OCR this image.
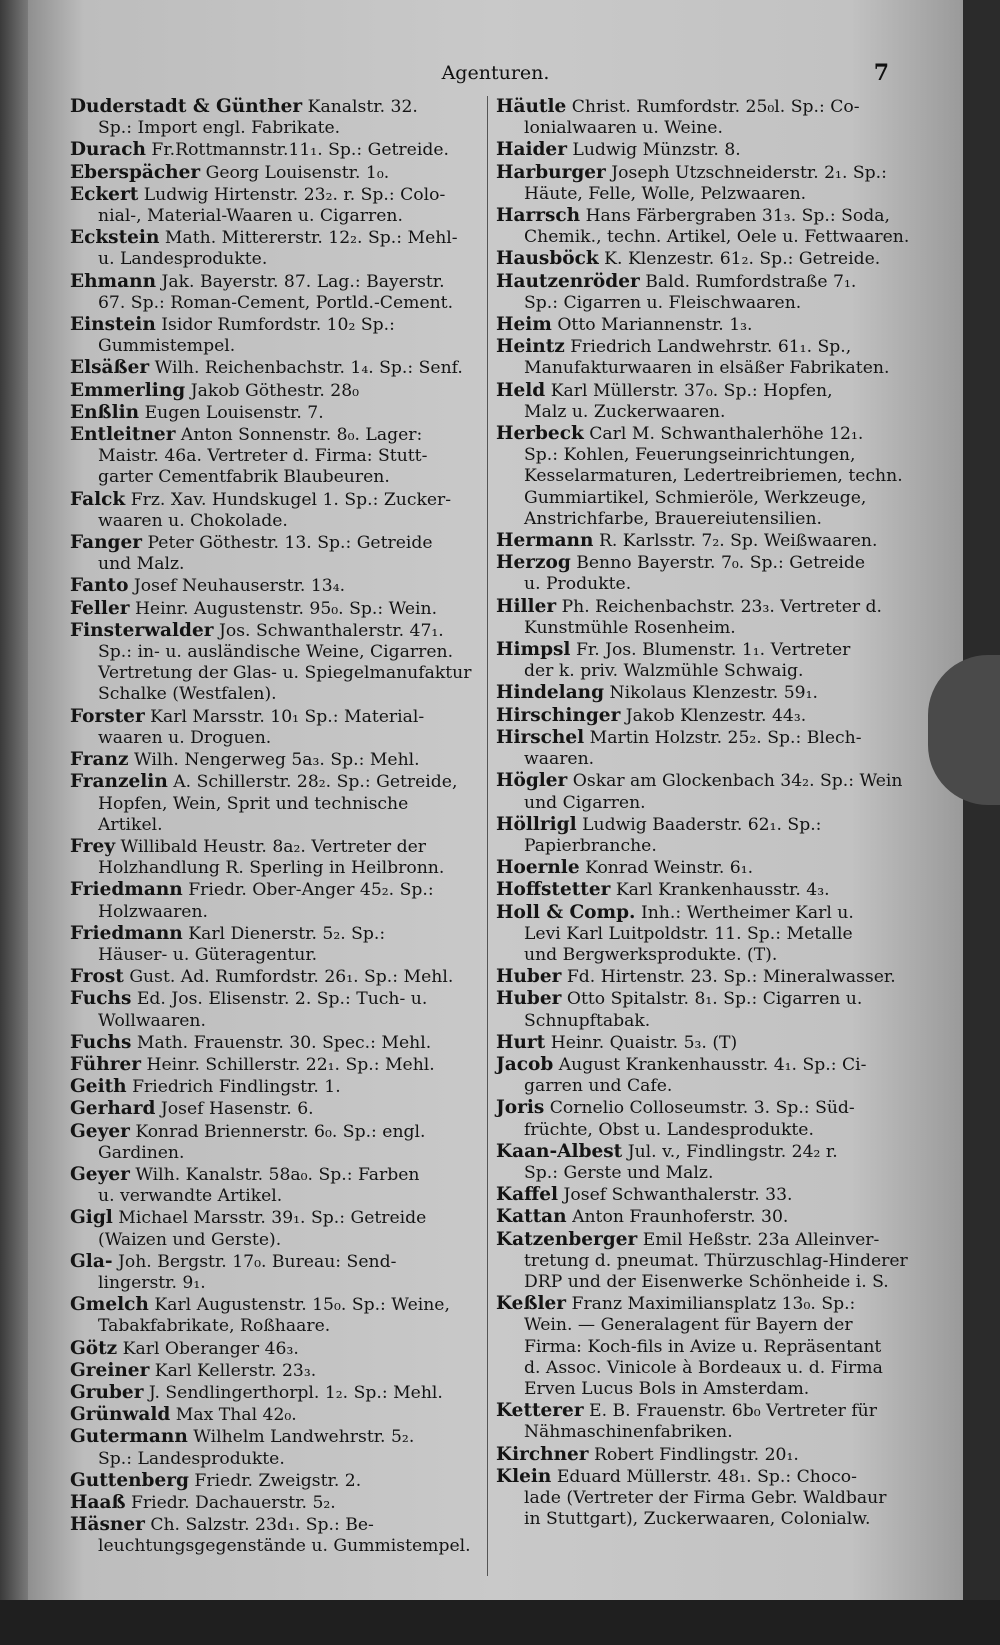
Agenturen.	7
Duderstadt & Günther Kanalstr. 32.
Sp.: Import engl. Fabrikate.
Durach Fr.Rottmannstr.11₁. Sp.: Getreide.
Eberspächer Georg Louisenstr. 1₀.
Eckert Ludwig Hirtenstr. 23₂. r. Sp.: Colo-
nial-, Material-Waaren u. Cigarren.
Eckstein Math. Mittererstr. 12₂. Sp.: Mehl-
u. Landesprodukte.
Ehmann Jak. Bayerstr. 87. Lag.: Bayerstr.
67. Sp.: Roman-Cement, Portld.-Cement.
Einstein Isidor Rumfordstr. 10₂ Sp.:
Gummistempel.
Elsäßer Wilh. Reichenbachstr. 1₄. Sp.: Senf.
Emmerling Jakob Göthestr. 28₀
Enßlin Eugen Louisenstr. 7.
Entleitner Anton Sonnenstr. 8₀. Lager:
Maistr. 46a. Vertreter d. Firma: Stutt-
garter Cementfabrik Blaubeuren.
Falck Frz. Xav. Hundskugel 1. Sp.: Zucker-
waaren u. Chokolade.
Fanger Peter Göthestr. 13. Sp.: Getreide
und Malz.
Fanto Josef Neuhauserstr. 13₄.
Feller Heinr. Augustenstr. 95₀. Sp.: Wein.
Finsterwalder Jos. Schwanthalerstr. 47₁.
Sp.: in- u. ausländische Weine, Cigarren.
Vertretung der Glas- u. Spiegelmanufaktur
Schalke (Westfalen).
Forster Karl Marsstr. 10₁ Sp.: Material-
waaren u. Droguen.
Franz Wilh. Nengerweg 5a₃. Sp.: Mehl.
Franzelin A. Schillerstr. 28₂. Sp.: Getreide,
Hopfen, Wein, Sprit und technische Artikel.
Frey Willibald Heustr. 8a₂. Vertreter der
Holzhandlung R. Sperling in Heilbronn.
Friedmann Friedr. Ober-Anger 45₂. Sp.:
Holzwaaren.
Friedmann Karl Dienerstr. 5₂. Sp.:
Häuser- u. Güteragentur.
Frost Gust. Ad. Rumfordstr. 26₁. Sp.: Mehl.
Fuchs Ed. Jos. Elisenstr. 2. Sp.: Tuch- u.
Wollwaaren.
Fuchs Math. Frauenstr. 30. Spec.: Mehl.
Führer Heinr. Schillerstr. 22₁. Sp.: Mehl.
Geith Friedrich Findlingstr. 1.
Gerhard Josef Hasenstr. 6.
Geyer Konrad Briennerstr. 6₀. Sp.: engl.
Gardinen.
Geyer Wilh. Kanalstr. 58a₀. Sp.: Farben
u. verwandte Artikel.
Gigl Michael Marsstr. 39₁. Sp.: Getreide
(Waizen und Gerste).
Gla- Joh. Bergstr. 17₀. Bureau: Send-
lingerstr. 9₁.
Gmelch Karl Augustenstr. 15₀. Sp.: Weine,
Tabakfabrikate, Roßhaare.
Götz Karl Oberanger 46₃.
Greiner Karl Kellerstr. 23₃.
Gruber J. Sendlingerthorpl. 1₂. Sp.: Mehl.
Grünwald Max Thal 42₀.
Gutermann Wilhelm Landwehrstr. 5₂.
Sp.: Landesprodukte.
Guttenberg Friedr. Zweigstr. 2.
Haaß Friedr. Dachauerstr. 5₂.
Häsner Ch. Salzstr. 23d₁. Sp.: Be-
leuchtungsgegenstände u. Gummistempel.
Häutle Christ. Rumfordstr. 25₀l. Sp.: Co-
lonialwaaren u. Weine.
Haider Ludwig Münzstr. 8.
Harburger Joseph Utzschneiderstr. 2₁. Sp.:
Häute, Felle, Wolle, Pelzwaaren.
Harrsch Hans Färbergraben 31₃. Sp.: Soda,
Chemik., techn. Artikel, Oele u. Fettwaaren.
Hausböck K. Klenzestr. 61₂. Sp.: Getreide.
Hautzenröder Bald. Rumfordstraße 7₁.
Sp.: Cigarren u. Fleischwaaren.
Heim Otto Mariannenstr. 1₃.
Heintz Friedrich Landwehrstr. 61₁. Sp.,
Manufakturwaaren in elsäßer Fabrikaten.
Held Karl Müllerstr. 37₀. Sp.: Hopfen,
Malz u. Zuckerwaaren.
Herbeck Carl M. Schwanthalerhöhe 12₁.
Sp.: Kohlen, Feuerungseinrichtungen,
Kesselarmaturen, Ledertreibriemen, techn.
Gummiartikel, Schmieröle, Werkzeuge,
Anstrichfarbe, Brauereiutensilien.
Hermann R. Karlsstr. 7₂. Sp. Weißwaaren.
Herzog Benno Bayerstr. 7₀. Sp.: Getreide
u. Produkte.
Hiller Ph. Reichenbachstr. 23₃. Vertreter d.
Kunstmühle Rosenheim.
Himpsl Fr. Jos. Blumenstr. 1₁. Vertreter
der k. priv. Walzmühle Schwaig.
Hindelang Nikolaus Klenzestr. 59₁.
Hirschinger Jakob Klenzestr. 44₃.
Hirschel Martin Holzstr. 25₂. Sp.: Blech-
waaren.
Högler Oskar am Glockenbach 34₂. Sp.: Wein
und Cigarren.
Höllrigl Ludwig Baaderstr. 62₁. Sp.:
Papierbranche.
Hoernle Konrad Weinstr. 6₁.
Hoffstetter Karl Krankenhausstr. 4₃.
Holl & Comp. Inh.: Wertheimer Karl u.
Levi Karl Luitpoldstr. 11. Sp.: Metalle
und Bergwerksprodukte. (T).
Huber Fd. Hirtenstr. 23. Sp.: Mineralwasser.
Huber Otto Spitalstr. 8₁. Sp.: Cigarren u.
Schnupftabak.
Hurt Heinr. Quaistr. 5₃. (T)
Jacob August Krankenhausstr. 4₁. Sp.: Ci-
garren und Cafe.
Joris Cornelio Colloseumstr. 3. Sp.: Süd-
früchte, Obst u. Landesprodukte.
Kaan-Albest Jul. v., Findlingstr. 24₂ r.
Sp.: Gerste und Malz.
Kaffel Josef Schwanthalerstr. 33.
Kattan Anton Fraunhoferstr. 30.
Katzenberger Emil Heßstr. 23a Alleinver-
tretung d. pneumat. Thürzuschlag-Hinderer
DRP und der Eisenwerke Schönheide i. S.
Keßler Franz Maximiliansplatz 13₀. Sp.:
Wein. — Generalagent für Bayern der
Firma: Koch-fils in Avize u. Repräsentant
d. Assoc. Vinicole à Bordeaux u. d. Firma
Erven Lucus Bols in Amsterdam.
Ketterer E. B. Frauenstr. 6b₀ Vertreter für
Nähmaschinenfabriken.
Kirchner Robert Findlingstr. 20₁.
Klein Eduard Müllerstr. 48₁. Sp.: Choco-
lade (Vertreter der Firma Gebr. Waldbaur
in Stuttgart), Zuckerwaaren, Colonialw.
